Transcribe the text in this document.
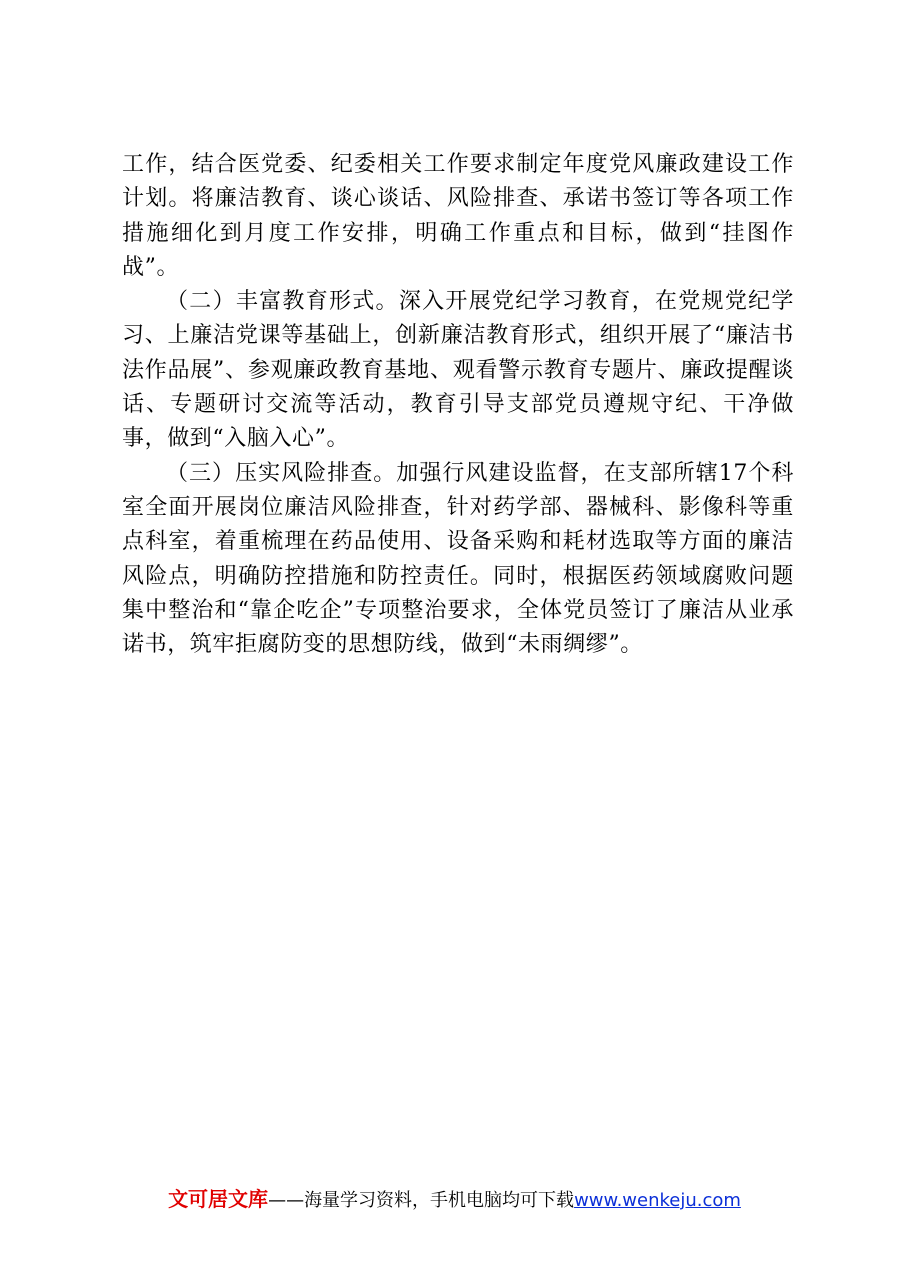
工作，结合医党委、纪委相关工作要求制定年度党风廉政建设工作计划。将廉洁教育、谈心谈话、风险排查、承诺书签订等各项工作措施细化到月度工作安排，明确工作重点和目标，做到“挂图作战”。

（二）丰富教育形式。深入开展党纪学习教育，在党规党纪学习、上廉洁党课等基础上，创新廉洁教育形式，组织开展了“廉洁书法作品展”、参观廉政教育基地、观看警示教育专题片、廉政提醒谈话、专题研讨交流等活动，教育引导支部党员遵规守纪、干净做事，做到“入脑入心”。

（三）压实风险排查。加强行风建设监督，在支部所辖17个科室全面开展岗位廉洁风险排查，针对药学部、器械科、影像科等重点科室，着重梳理在药品使用、设备采购和耗材选取等方面的廉洁风险点，明确防控措施和防控责任。同时，根据医药领域腐败问题集中整治和“靠企吃企”专项整治要求，全体党员签订了廉洁从业承诺书，筑牢拒腐防变的思想防线，做到“未雨绸缪”。

文可居文库——海量学习资料，手机电脑均可下载www.wenkeju.com
